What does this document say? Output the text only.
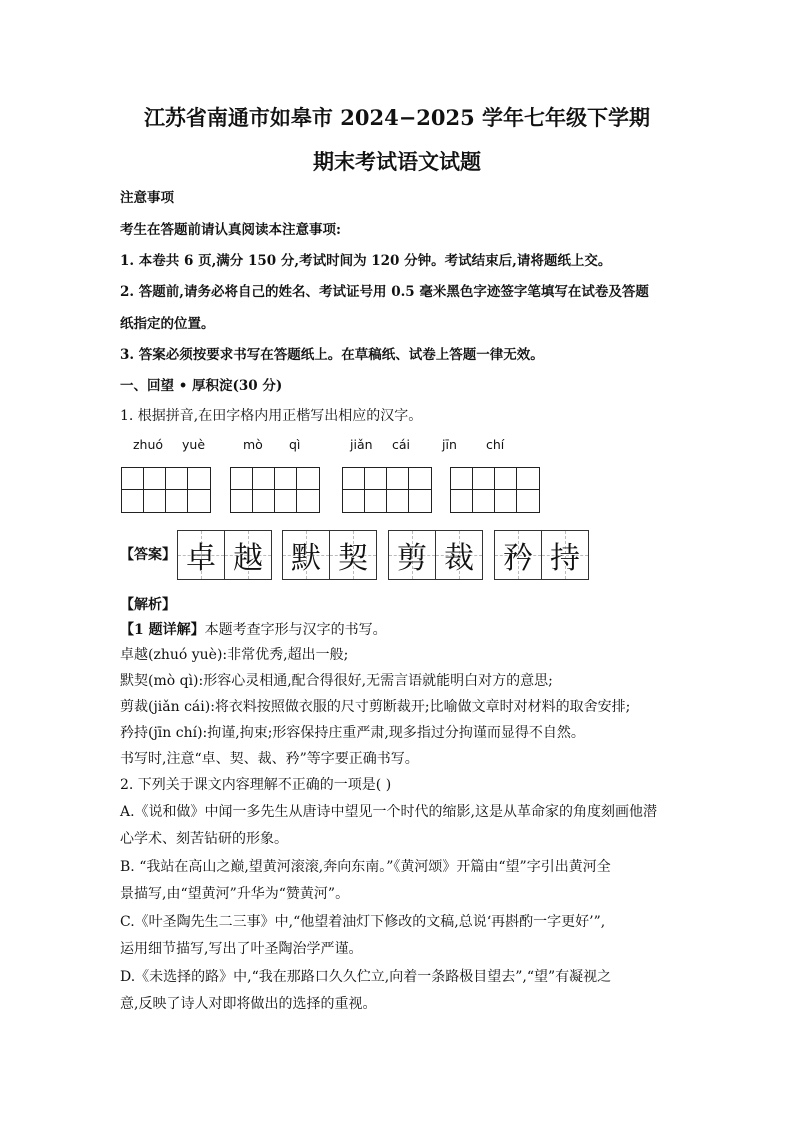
江苏省南通市如皋市 2024−2025 学年七年级下学期
期末考试语文试题
注意事项
考生在答题前请认真阅读本注意事项:
1. 本卷共 6 页,满分 150 分,考试时间为 120 分钟。考试结束后,请将题纸上交。
2. 答题前,请务必将自己的姓名、考试证号用 0.5 毫米黑色字迹签字笔填写在试卷及答题
纸指定的位置。
3. 答案必须按要求书写在答题纸上。在草稿纸、试卷上答题一律无效。
一、回望 • 厚积淀(30 分)
1. 根据拼音,在田字格内用正楷写出相应的汉字。
zhuó yuè	mò qì	jiǎn cái	jīn chí
【答案】 卓 越 默 契 剪 裁 矜 持
【解析】
【1 题详解】本题考查字形与汉字的书写。
卓越(zhuó yuè):非常优秀,超出一般;
默契(mò qì):形容心灵相通,配合得很好,无需言语就能明白对方的意思;
剪裁(jiǎn cái):将衣料按照做衣服的尺寸剪断裁开;比喻做文章时对材料的取舍安排;
矜持(jīn chí):拘谨,拘束;形容保持庄重严肃,现多指过分拘谨而显得不自然。
书写时,注意“卓、契、裁、矜”等字要正确书写。
2. 下列关于课文内容理解不正确的一项是( )
A.《说和做》中闻一多先生从唐诗中望见一个时代的缩影,这是从革命家的角度刻画他潜
心学术、刻苦钻研的形象。
B. “我站在高山之巅,望黄河滚滚,奔向东南。”《黄河颂》开篇由“望”字引出黄河全
景描写,由“望黄河”升华为“赞黄河”。
C.《叶圣陶先生二三事》中,“他望着油灯下修改的文稿,总说‘再斟酌一字更好’”,
运用细节描写,写出了叶圣陶治学严谨。
D.《未选择的路》中,“我在那路口久久伫立,向着一条路极目望去”,“望”有凝视之
意,反映了诗人对即将做出的选择的重视。
